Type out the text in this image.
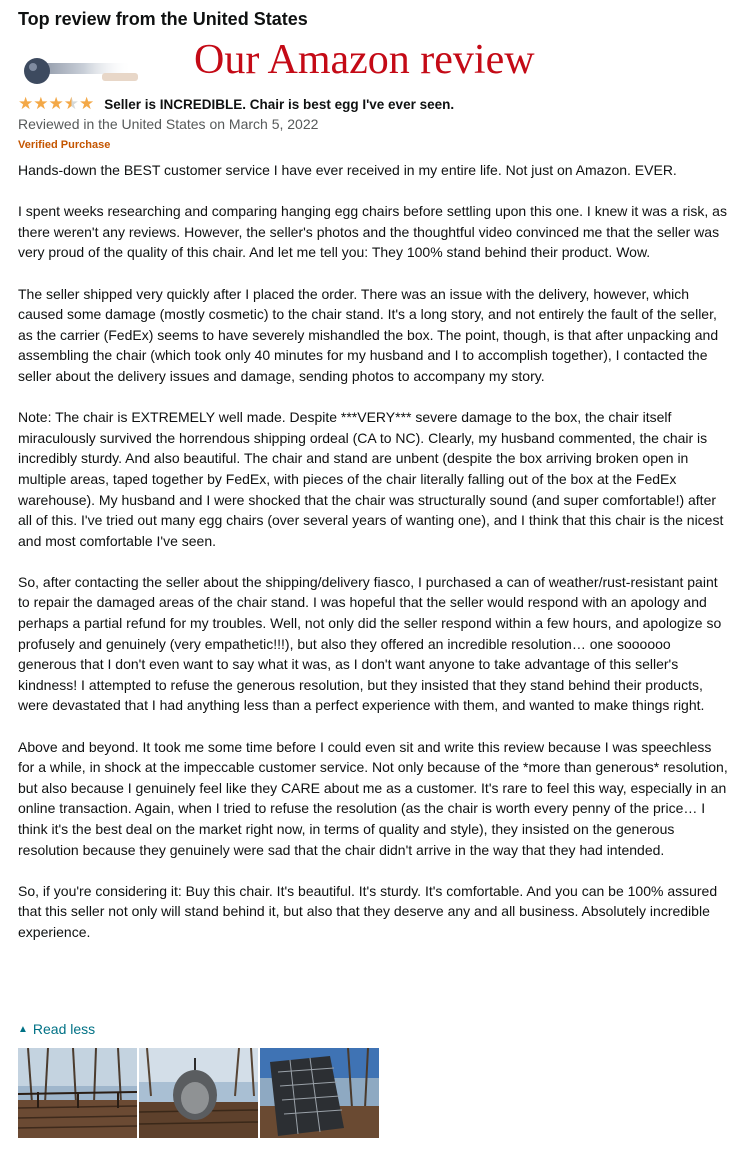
Top review from the United States
Our Amazon review
★ ★ ★ ★ ★ Seller is INCREDIBLE. Chair is best egg I've ever seen.
Reviewed in the United States on March 5, 2022
Verified Purchase

Hands-down the BEST customer service I have ever received in my entire life. Not just on Amazon. EVER.

I spent weeks researching and comparing hanging egg chairs before settling upon this one. I knew it was a risk, as there weren't any reviews. However, the seller's photos and the thoughtful video convinced me that the seller was very proud of the quality of this chair. And let me tell you: They 100% stand behind their product. Wow.

The seller shipped very quickly after I placed the order. There was an issue with the delivery, however, which caused some damage (mostly cosmetic) to the chair stand. It's a long story, and not entirely the fault of the seller, as the carrier (FedEx) seems to have severely mishandled the box. The point, though, is that after unpacking and assembling the chair (which took only 40 minutes for my husband and I to accomplish together), I contacted the seller about the delivery issues and damage, sending photos to accompany my story.

Note: The chair is EXTREMELY well made. Despite ***VERY*** severe damage to the box, the chair itself miraculously survived the horrendous shipping ordeal (CA to NC). Clearly, my husband commented, the chair is incredibly sturdy. And also beautiful. The chair and stand are unbent (despite the box arriving broken open in multiple areas, taped together by FedEx, with pieces of the chair literally falling out of the box at the FedEx warehouse). My husband and I were shocked that the chair was structurally sound (and super comfortable!) after all of this. I've tried out many egg chairs (over several years of wanting one), and I think that this chair is the nicest and most comfortable I've seen.

So, after contacting the seller about the shipping/delivery fiasco, I purchased a can of weather/rust-resistant paint to repair the damaged areas of the chair stand. I was hopeful that the seller would respond with an apology and perhaps a partial refund for my troubles. Well, not only did the seller respond within a few hours, and apologize so profusely and genuinely (very empathetic!!!), but also they offered an incredible resolution… one soooooo generous that I don't even want to say what it was, as I don't want anyone to take advantage of this seller's kindness! I attempted to refuse the generous resolution, but they insisted that they stand behind their products, were devastated that I had anything less than a perfect experience with them, and wanted to make things right.

Above and beyond. It took me some time before I could even sit and write this review because I was speechless for a while, in shock at the impeccable customer service. Not only because of the *more than generous* resolution, but also because I genuinely feel like they CARE about me as a customer. It's rare to feel this way, especially in an online transaction. Again, when I tried to refuse the resolution (as the chair is worth every penny of the price… I think it's the best deal on the market right now, in terms of quality and style), they insisted on the generous resolution because they genuinely were sad that the chair didn't arrive in the way that they had intended.

So, if you're considering it: Buy this chair. It's beautiful. It's sturdy. It's comfortable. And you can be 100% assured that this seller not only will stand behind it, but also that they deserve any and all business. Absolutely incredible experience.

▲ Read less
